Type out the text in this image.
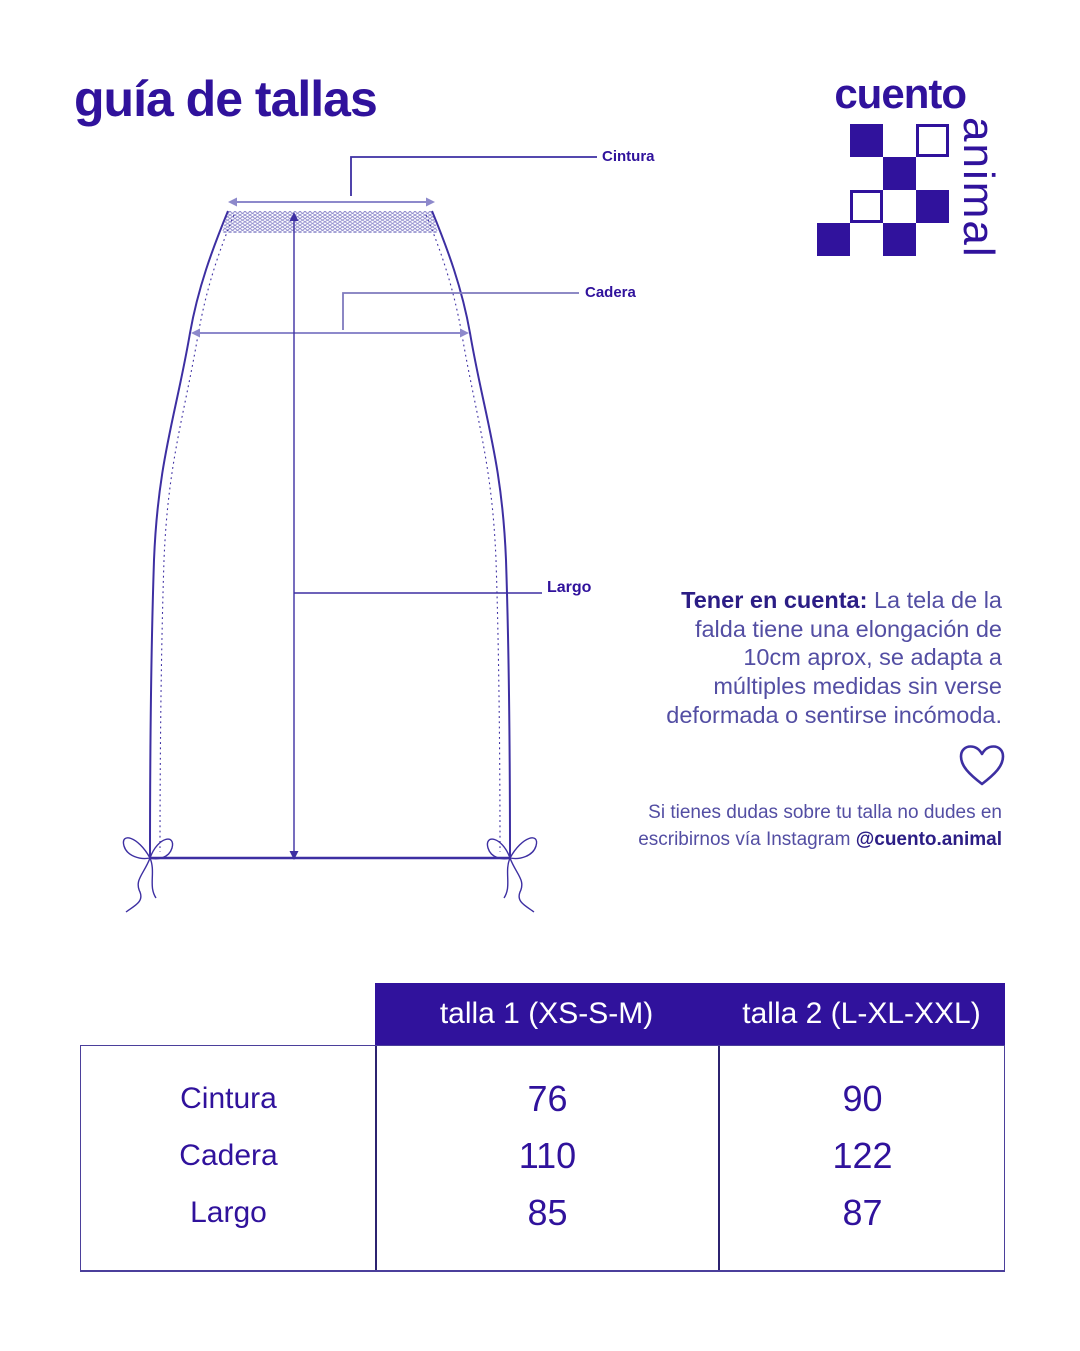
guía de tallas	cuento
animal
Cintura
Cadera
Largo	Tener en cuenta: La tela de la falda tiene una elongación de 10cm aprox, se adapta a múltiples medidas sin verse deformada o sentirse incómoda.

Si tienes dudas sobre tu talla no dudes en escribirnos vía Instagram @cuento.animal

talla 1 (XS-S-M)	talla 2 (L-XL-XXL)
Cintura	76	90
Cadera	110	122
Largo	85	87
